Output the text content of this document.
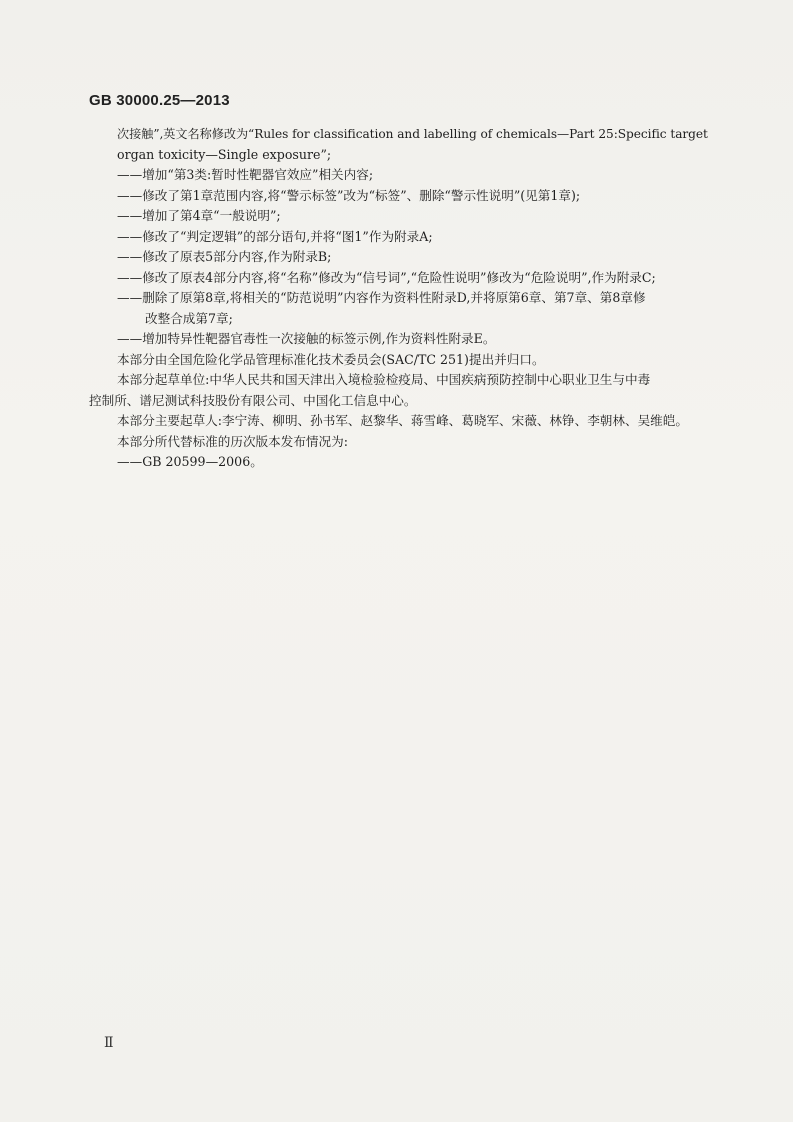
GB 30000.25—2013
次接触”,英文名称修改为“Rules for classification and labelling of chemicals—Part 25:Specific target
organ toxicity—Single exposure”;
——增加“第3类:暂时性靶器官效应”相关内容;
——修改了第1章范围内容,将“警示标签”改为“标签”、删除“警示性说明”(见第1章);
——增加了第4章“一般说明”;
——修改了“判定逻辑”的部分语句,并将“图1”作为附录A;
——修改了原表5部分内容,作为附录B;
——修改了原表4部分内容,将“名称”修改为“信号词”,“危险性说明”修改为“危险说明”,作为附录C;
——删除了原第8章,将相关的“防范说明”内容作为资料性附录D,并将原第6章、第7章、第8章修
改整合成第7章;
——增加特异性靶器官毒性一次接触的标签示例,作为资料性附录E。
本部分由全国危险化学品管理标准化技术委员会(SAC/TC 251)提出并归口。
本部分起草单位:中华人民共和国天津出入境检验检疫局、中国疾病预防控制中心职业卫生与中毒
控制所、谱尼测试科技股份有限公司、中国化工信息中心。
本部分主要起草人:李宁涛、柳明、孙书军、赵黎华、蒋雪峰、葛晓军、宋薇、林铮、李朝林、吴维皑。
本部分所代替标准的历次版本发布情况为:
——GB 20599—2006。
Ⅱ
